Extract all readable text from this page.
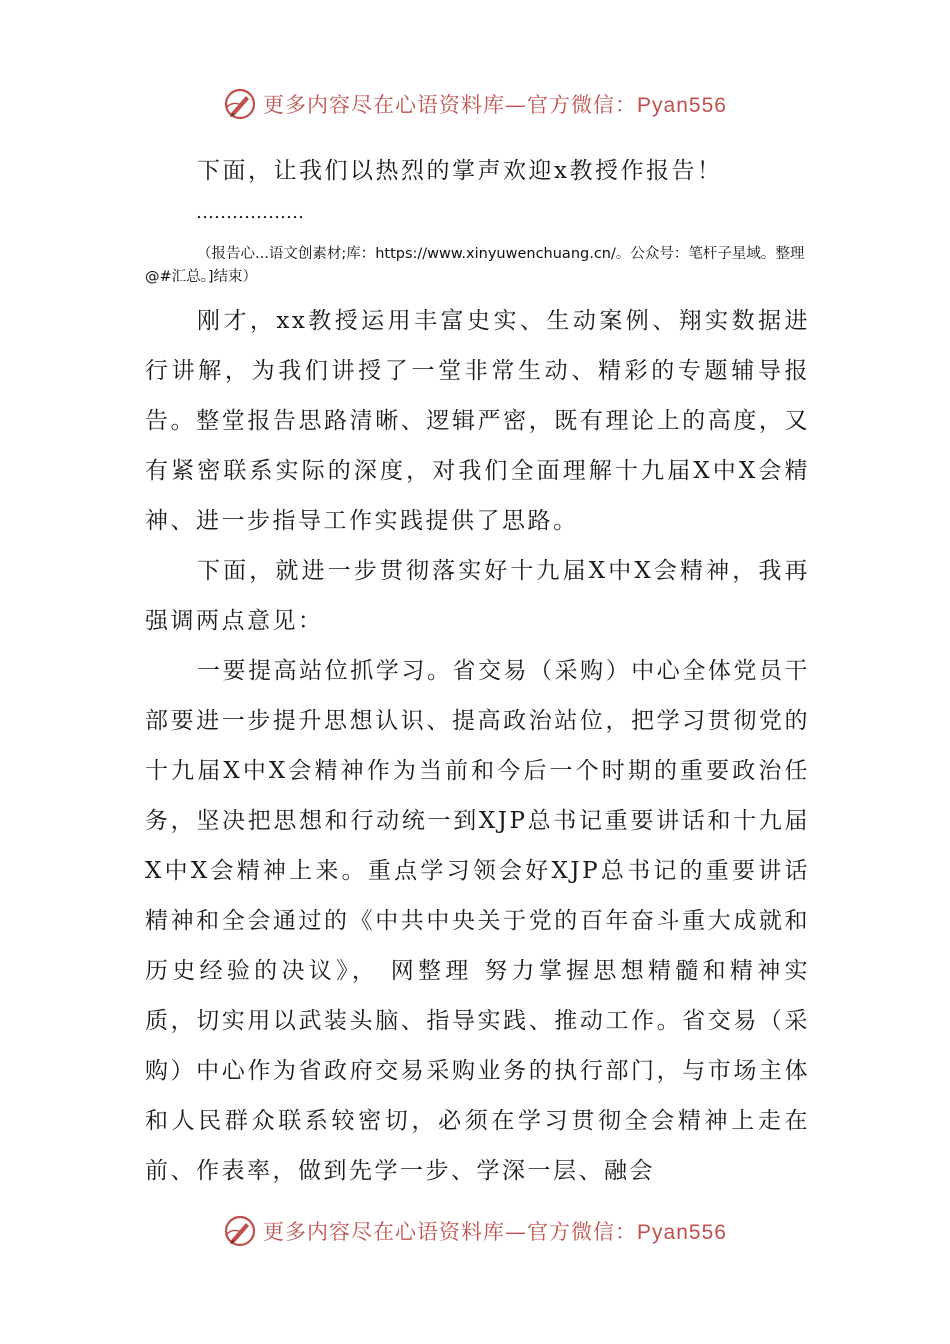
更多内容尽在心语资料库—官方微信：Pyan556

下面，让我们以热烈的掌声欢迎x教授作报告！

………………

（报告心...语文创素材;库：https://www.xinyuwenchuang.cn/。公众号：笔杆子星域。整理@#汇总。]结束）

刚才，xx教授运用丰富史实、生动案例、翔实数据进行讲解，为我们讲授了一堂非常生动、精彩的专题辅导报告。整堂报告思路清晰、逻辑严密，既有理论上的高度，又有紧密联系实际的深度，对我们全面理解十九届X中X会精神、进一步指导工作实践提供了思路。

下面，就进一步贯彻落实好十九届X中X会精神，我再强调两点意见：

一要提高站位抓学习。省交易（采购）中心全体党员干部要进一步提升思想认识、提高政治站位，把学习贯彻党的十九届X中X会精神作为当前和今后一个时期的重要政治任务，坚决把思想和行动统一到XJP总书记重要讲话和十九届X中X会精神上来。重点学习领会好XJP总书记的重要讲话精神和全会通过的《中共中央关于党的百年奋斗重大成就和历史经验的决议》， 网整理 努力掌握思想精髓和精神实质，切实用以武装头脑、指导实践、推动工作。省交易（采购）中心作为省政府交易采购业务的执行部门，与市场主体和人民群众联系较密切，必须在学习贯彻全会精神上走在前、作表率，做到先学一步、学深一层、融会

更多内容尽在心语资料库—官方微信：Pyan556
